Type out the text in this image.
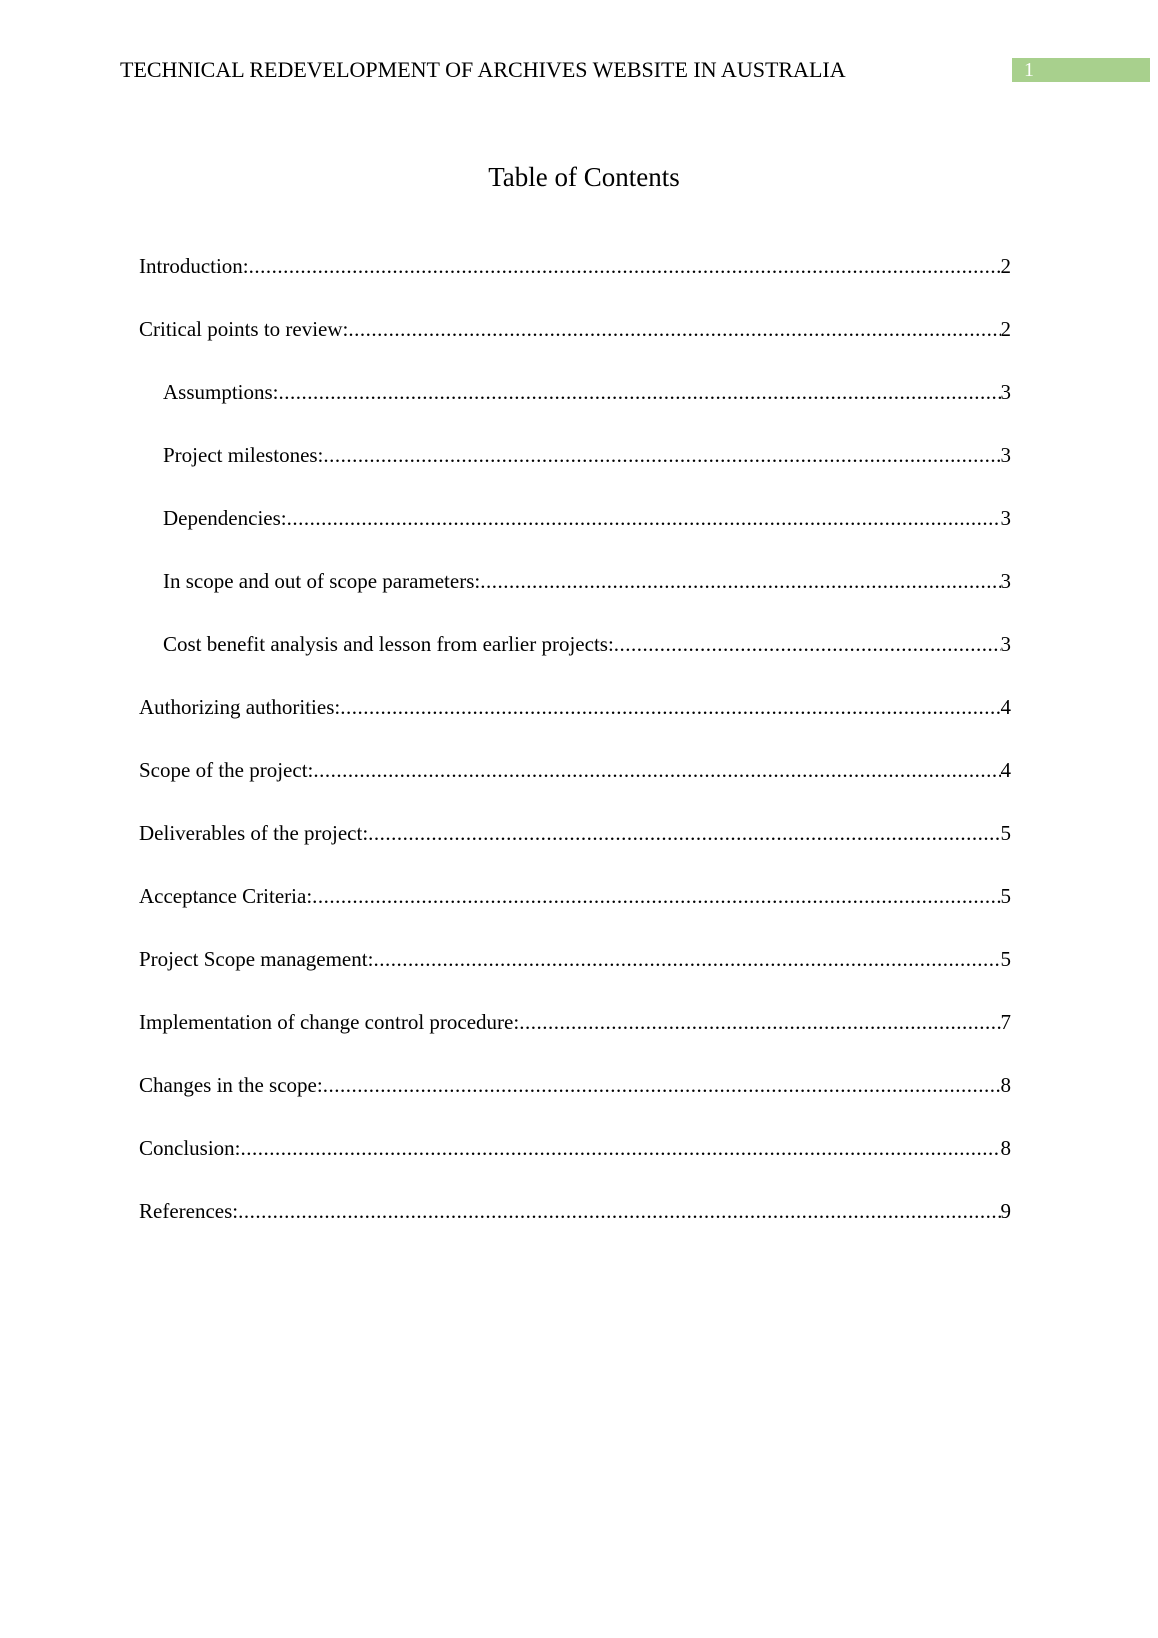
TECHNICAL REDEVELOPMENT OF ARCHIVES WEBSITE IN AUSTRALIA	1
Table of Contents
Introduction: .....	2
Critical points to review: .....	2
Assumptions: .....	3
Project milestones: .....	3
Dependencies: .....	3
In scope and out of scope parameters: .....	3
Cost benefit analysis and lesson from earlier projects: .....	3
Authorizing authorities: .....	4
Scope of the project: .....	4
Deliverables of the project: .....	5
Acceptance Criteria: .....	5
Project Scope management: .....	5
Implementation of change control procedure: .....	7
Changes in the scope: .....	8
Conclusion: .....	8
References: .....	9
